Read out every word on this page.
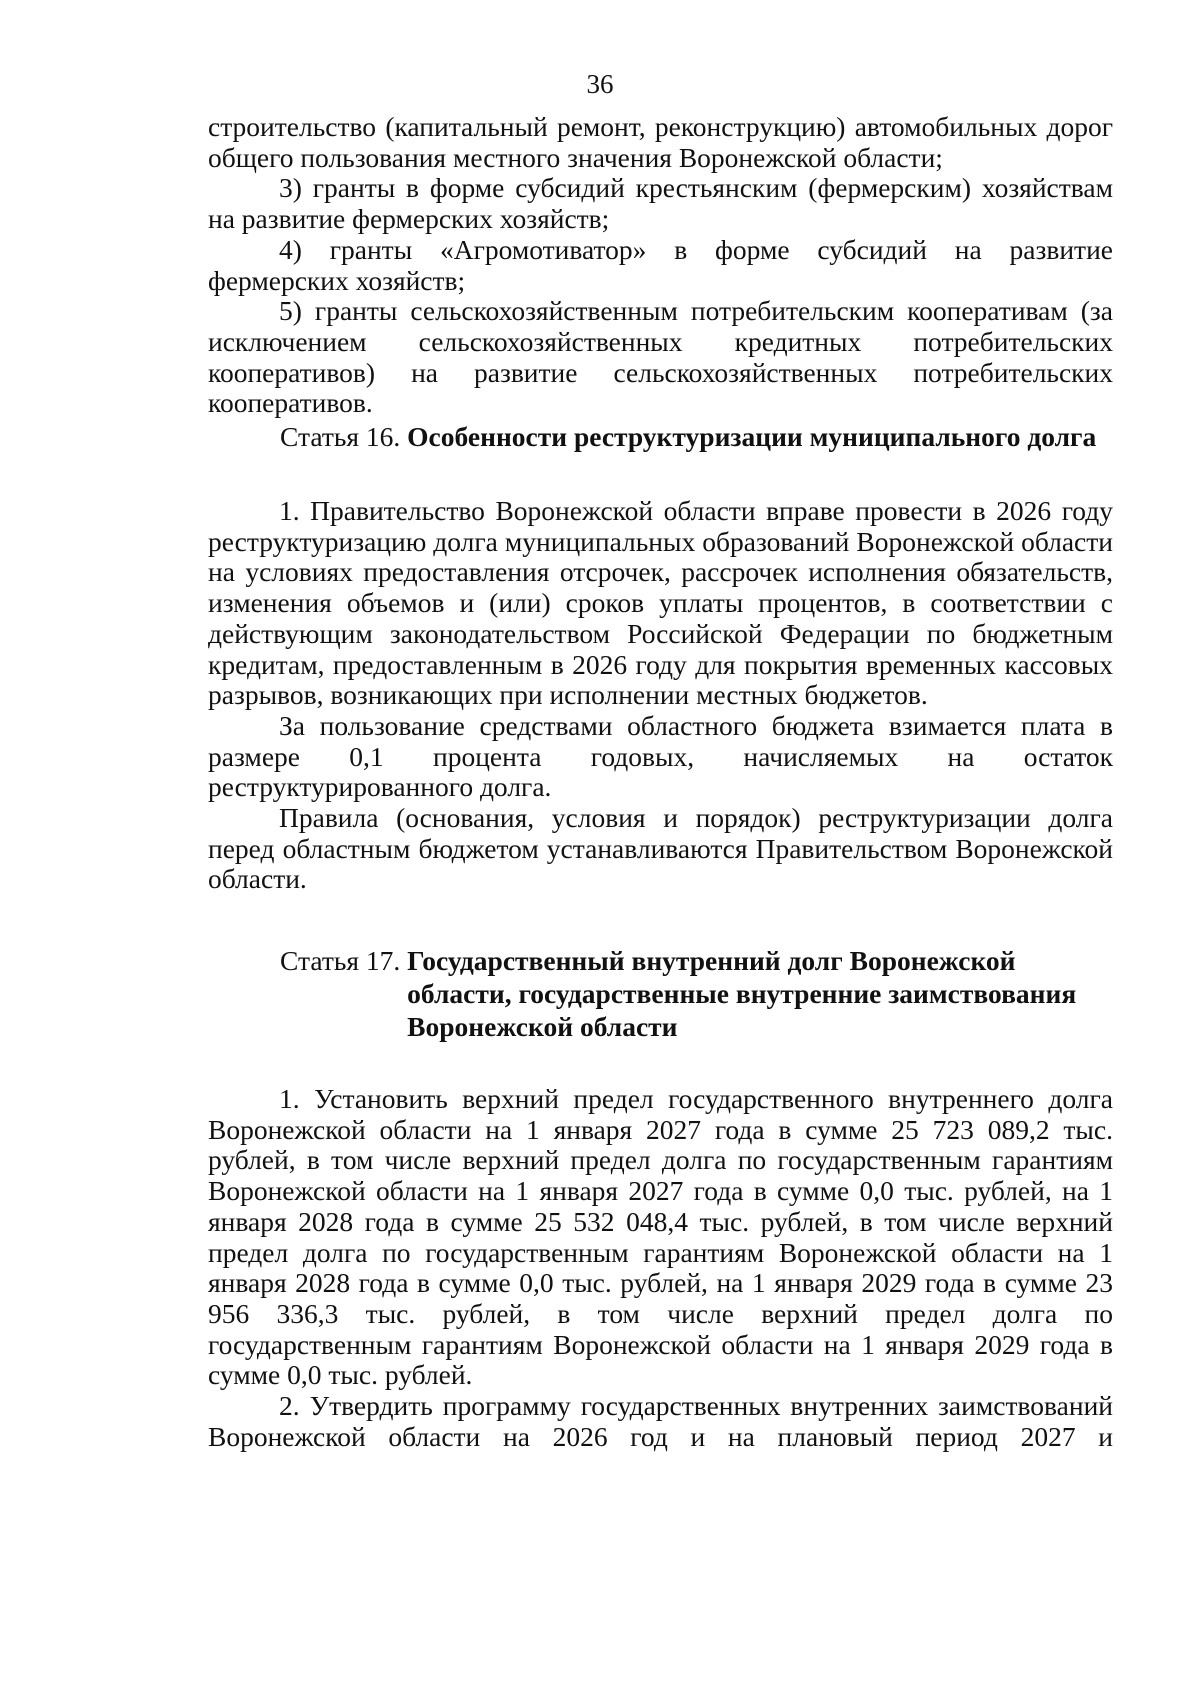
36

строительство (капитальный ремонт, реконструкцию) автомобильных дорог общего пользования местного значения Воронежской области;

3) гранты в форме субсидий крестьянским (фермерским) хозяйствам на развитие фермерских хозяйств;

4) гранты «Агромотиватор» в форме субсидий на развитие фермерских хозяйств;

5) гранты сельскохозяйственным потребительским кооперативам (за исключением сельскохозяйственных кредитных потребительских кооперативов) на развитие сельскохозяйственных потребительских кооперативов.

Статья 16. Особенности реструктуризации муниципального долга

1. Правительство Воронежской области вправе провести в 2026 году реструктуризацию долга муниципальных образований Воронежской области на условиях предоставления отсрочек, рассрочек исполнения обязательств, изменения объемов и (или) сроков уплаты процентов, в соответствии с действующим законодательством Российской Федерации по бюджетным кредитам, предоставленным в 2026 году для покрытия временных кассовых разрывов, возникающих при исполнении местных бюджетов.

За пользование средствами областного бюджета взимается плата в размере 0,1 процента годовых, начисляемых на остаток реструктурированного долга.

Правила (основания, условия и порядок) реструктуризации долга перед областным бюджетом устанавливаются Правительством Воронежской области.

Статья 17. Государственный внутренний долг Воронежской области, государственные внутренние заимствования Воронежской области

1. Установить верхний предел государственного внутреннего долга Воронежской области на 1 января 2027 года в сумме 25 723 089,2 тыс. рублей, в том числе верхний предел долга по государственным гарантиям Воронежской области на 1 января 2027 года в сумме 0,0 тыс. рублей, на 1 января 2028 года в сумме 25 532 048,4 тыс. рублей, в том числе верхний предел долга по государственным гарантиям Воронежской области на 1 января 2028 года в сумме 0,0 тыс. рублей, на 1 января 2029 года в сумме 23 956 336,3 тыс. рублей, в том числе верхний предел долга по государственным гарантиям Воронежской области на 1 января 2029 года в сумме 0,0 тыс. рублей.

2. Утвердить программу государственных внутренних заимствований Воронежской области на 2026 год и на плановый период 2027 и
